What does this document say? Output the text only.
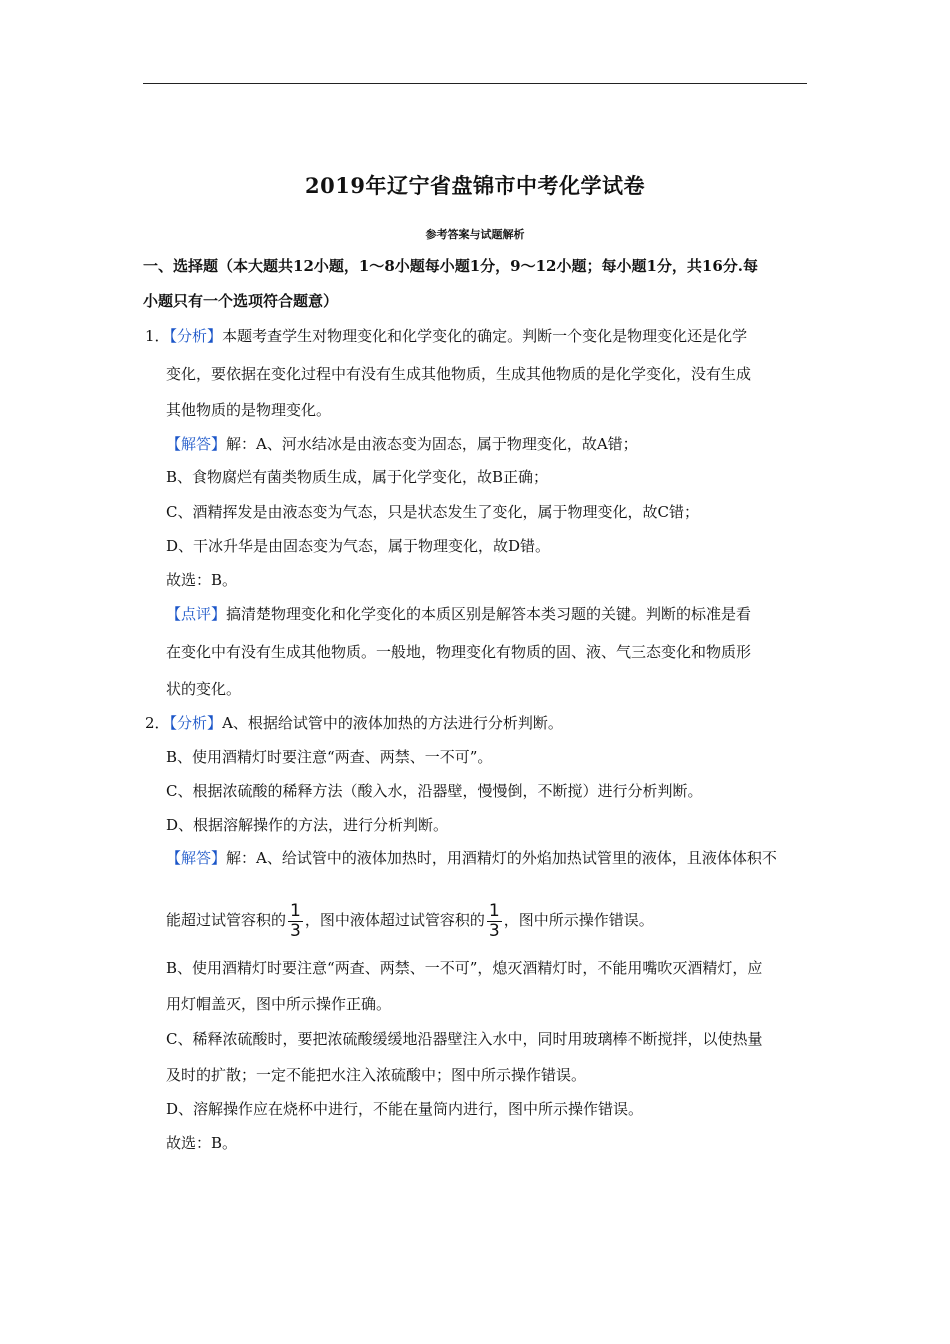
2019年辽宁省盘锦市中考化学试卷
参考答案与试题解析
一、选择题（本大题共12小题，1～8小题每小题1分，9～12小题；每小题1分，共16分.每
小题只有一个选项符合题意）
1．【分析】本题考查学生对物理变化和化学变化的确定。判断一个变化是物理变化还是化学
变化，要依据在变化过程中有没有生成其他物质，生成其他物质的是化学变化，没有生成
其他物质的是物理变化。
【解答】解：A、河水结冰是由液态变为固态，属于物理变化，故A错；
B、食物腐烂有菌类物质生成，属于化学变化，故B正确；
C、酒精挥发是由液态变为气态，只是状态发生了变化，属于物理变化，故C错；
D、干冰升华是由固态变为气态，属于物理变化，故D错。
故选：B。
【点评】搞清楚物理变化和化学变化的本质区别是解答本类习题的关键。判断的标准是看
在变化中有没有生成其他物质。一般地，物理变化有物质的固、液、气三态变化和物质形
状的变化。
2．【分析】A、根据给试管中的液体加热的方法进行分析判断。
B、使用酒精灯时要注意“两查、两禁、一不可”。
C、根据浓硫酸的稀释方法（酸入水，沿器壁，慢慢倒，不断搅）进行分析判断。
D、根据溶解操作的方法，进行分析判断。
【解答】解：A、给试管中的液体加热时，用酒精灯的外焰加热试管里的液体，且液体体积不
能超过试管容积的 $\frac{1}{3}$ ，图中液体超过试管容积的 $\frac{1}{3}$ ，图中所示操作错误。
B、使用酒精灯时要注意“两查、两禁、一不可”，熄灭酒精灯时，不能用嘴吹灭酒精灯，应
用灯帽盖灭，图中所示操作正确。
C、稀释浓硫酸时，要把浓硫酸缓缓地沿器壁注入水中，同时用玻璃棒不断搅拌，以使热量
及时的扩散；一定不能把水注入浓硫酸中；图中所示操作错误。
D、溶解操作应在烧杯中进行，不能在量筒内进行，图中所示操作错误。
故选：B。
